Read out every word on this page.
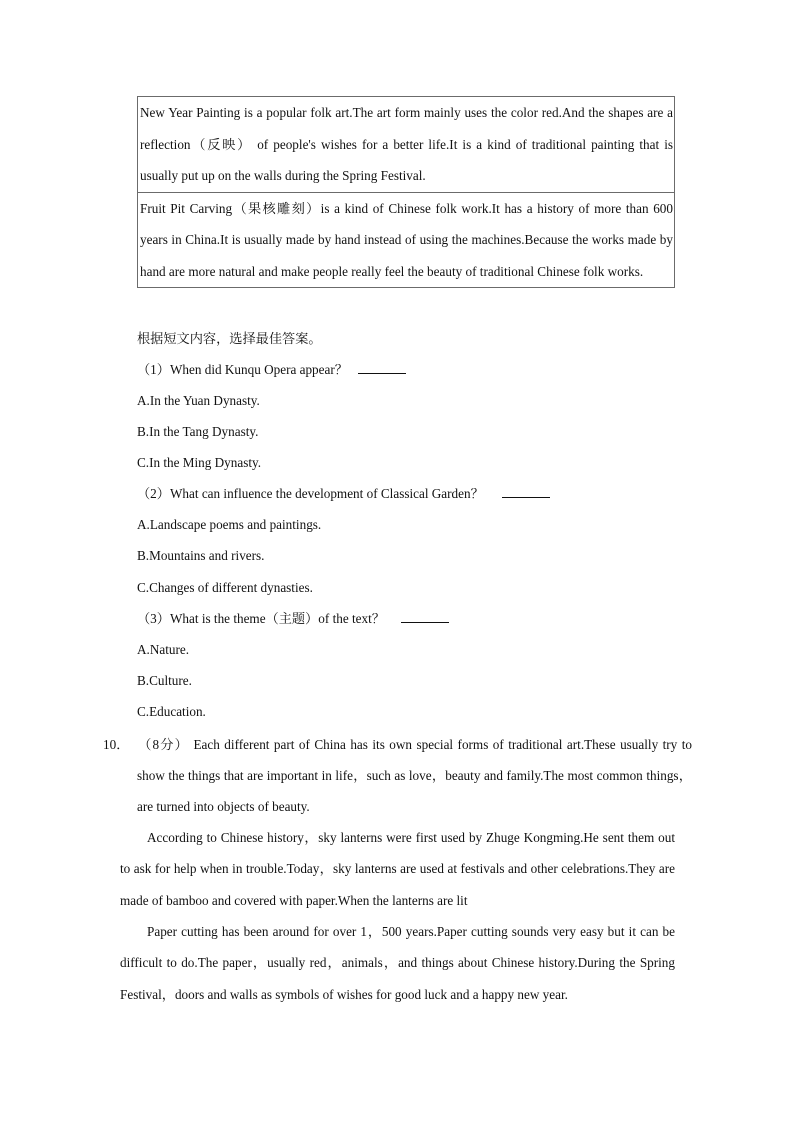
New Year Painting is a popular folk art.The art form mainly uses the color red.And the shapes are a reflection（反映） of people's wishes for a better life.It is a kind of traditional painting that is usually put up on the walls during the Spring Festival.
Fruit Pit Carving（果核雕刻）is a kind of Chinese folk work.It has a history of more than 600 years in China.It is usually made by hand instead of using the machines.Because the works made by hand are more natural and make people really feel the beauty of traditional Chinese folk works.
根据短文内容，选择最佳答案。
（1）When did Kunqu Opera appear？
A.In the Yuan Dynasty.
B.In the Tang Dynasty.
C.In the Ming Dynasty.
（2）What can influence the development of Classical Garden？
A.Landscape poems and paintings.
B.Mountains and rivers.
C.Changes of different dynasties.
（3）What is the theme（主题）of the text？
A.Nature.
B.Culture.
C.Education.
10． （8分） Each different part of China has its own special forms of traditional art.These usually try to show the things that are important in life，such as love，beauty and family.The most common things，are turned into objects of beauty.
According to Chinese history，sky lanterns were first used by Zhuge Kongming.He sent them out to ask for help when in trouble.Today，sky lanterns are used at festivals and other celebrations.They are made of bamboo and covered with paper.When the lanterns are lit
Paper cutting has been around for over 1，500 years.Paper cutting sounds very easy but it can be difficult to do.The paper，usually red，animals，and things about Chinese history.During the Spring Festival，doors and walls as symbols of wishes for good luck and a happy new year.
